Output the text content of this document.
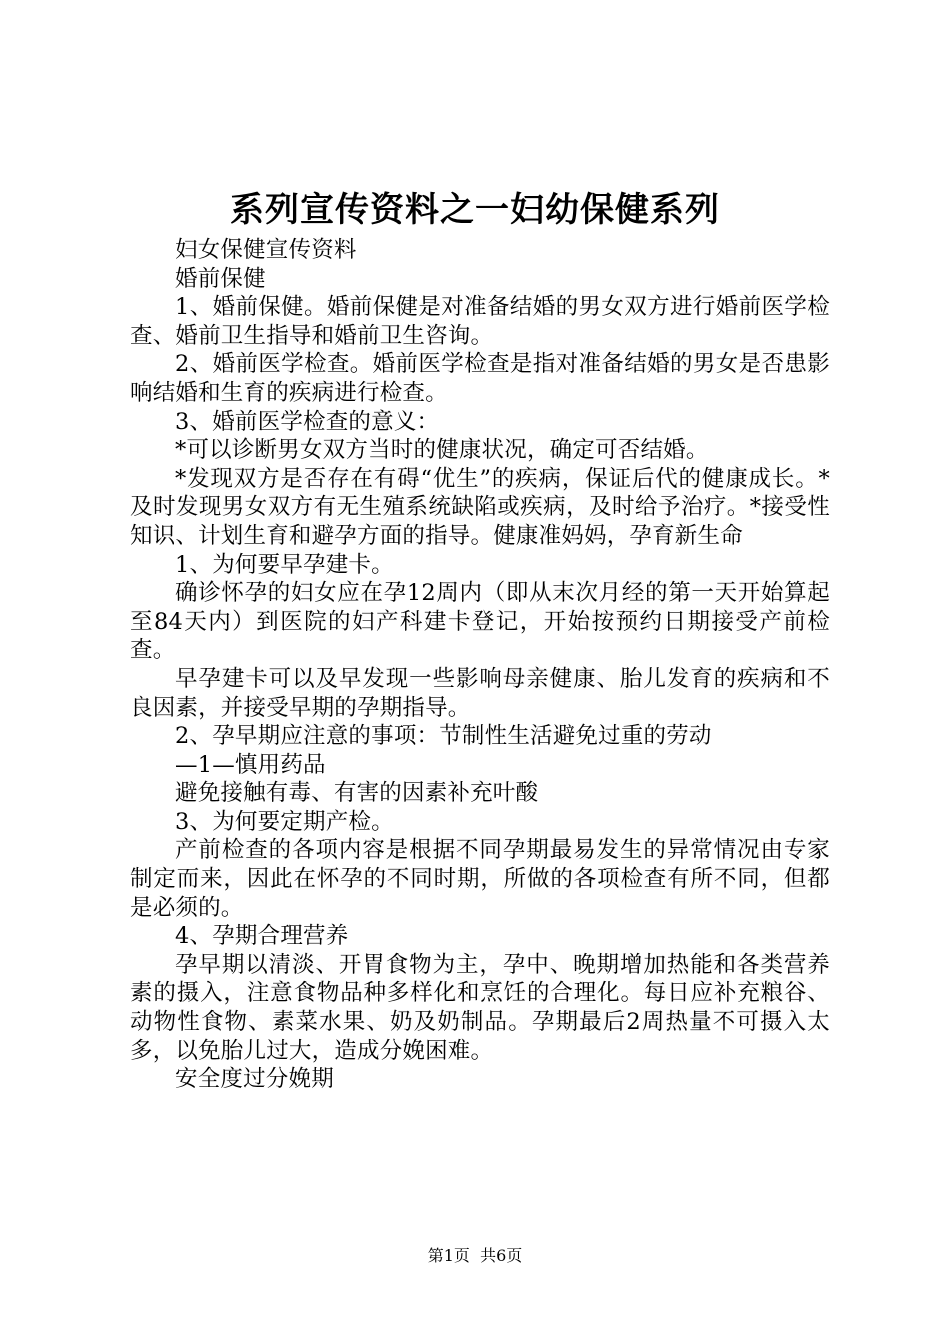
系列宣传资料之一妇幼保健系列

妇女保健宣传资料

婚前保健

1、婚前保健。婚前保健是对准备结婚的男女双方进行婚前医学检查、婚前卫生指导和婚前卫生咨询。

2、婚前医学检查。婚前医学检查是指对准备结婚的男女是否患影响结婚和生育的疾病进行检查。

3、婚前医学检查的意义：

*可以诊断男女双方当时的健康状况，确定可否结婚。

*发现双方是否存在有碍“优生”的疾病，保证后代的健康成长。*及时发现男女双方有无生殖系统缺陷或疾病，及时给予治疗。*接受性知识、计划生育和避孕方面的指导。健康准妈妈，孕育新生命

1、为何要早孕建卡。

确诊怀孕的妇女应在孕12周内（即从末次月经的第一天开始算起至84天内）到医院的妇产科建卡登记，开始按预约日期接受产前检查。

早孕建卡可以及早发现一些影响母亲健康、胎儿发育的疾病和不良因素，并接受早期的孕期指导。

2、孕早期应注意的事项：节制性生活避免过重的劳动

—1—慎用药品

避免接触有毒、有害的因素补充叶酸

3、为何要定期产检。

产前检查的各项内容是根据不同孕期最易发生的异常情况由专家制定而来，因此在怀孕的不同时期，所做的各项检查有所不同，但都是必须的。

4、孕期合理营养

孕早期以清淡、开胃食物为主，孕中、晚期增加热能和各类营养素的摄入，注意食物品种多样化和烹饪的合理化。每日应补充粮谷、动物性食物、素菜水果、奶及奶制品。孕期最后2周热量不可摄入太多，以免胎儿过大，造成分娩困难。

安全度过分娩期

第1页 共6页
